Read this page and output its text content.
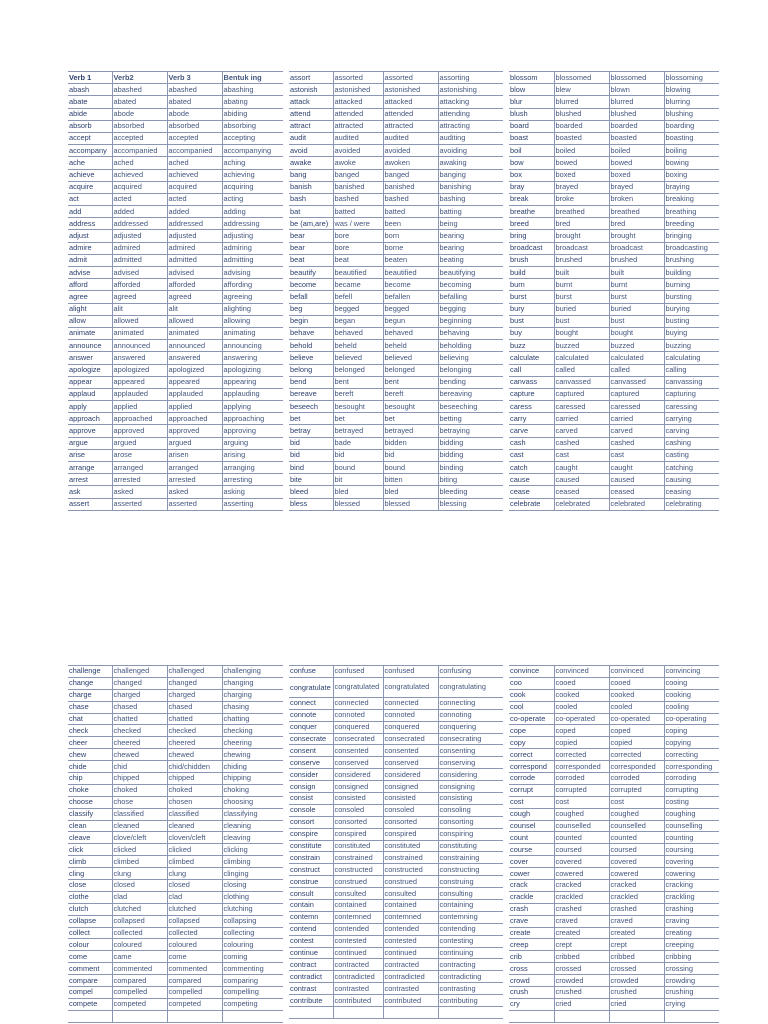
Verb 1	Verb2	Verb 3	Bentuk ing
abash	abashed	abashed	abashing
abate	abated	abated	abating
abide	abode	abode	abiding
absorb	absorbed	absorbed	absorbing
accept	accepted	accepted	accepting
accompany	accompanied	accompanied	accompanying
ache	ached	ached	aching
achieve	achieved	achieved	achieving
acquire	acquired	acquired	acquiring
act	acted	acted	acting
add	added	added	adding
address	addressed	addressed	addressing
adjust	adjusted	adjusted	adjusting
admire	admired	admired	admiring
admit	admitted	admitted	admitting
advise	advised	advised	advising
afford	afforded	afforded	affording
agree	agreed	agreed	agreeing
alight	alit	alit	alighting
allow	allowed	allowed	allowing
animate	animated	animated	animating
announce	announced	announced	announcing
answer	answered	answered	answering
apologize	apologized	apologized	apologizing
appear	appeared	appeared	appearing
applaud	applauded	applauded	applauding
apply	applied	applied	applying
approach	approached	approached	approaching
approve	approved	approved	approving
argue	argued	argued	arguing
arise	arose	arisen	arising
arrange	arranged	arranged	arranging
arrest	arrested	arrested	arresting
ask	asked	asked	asking
assert	asserted	asserted	asserting
assort	assorted	assorted	assorting
astonish	astonished	astonished	astonishing
attack	attacked	attacked	attacking
attend	attended	attended	attending
attract	attracted	attracted	attracting
audit	audited	audited	auditing
avoid	avoided	avoided	avoiding
awake	awoke	awoken	awaking
bang	banged	banged	banging
banish	banished	banished	banishing
bash	bashed	bashed	bashing
bat	batted	batted	batting
be (am,are)	was / were	been	being
bear	bore	born	bearing
bear	bore	borne	bearing
beat	beat	beaten	beating
beautify	beautified	beautified	beautifying
become	became	become	becoming
befall	befell	befallen	befalling
beg	begged	begged	begging
begin	began	begun	beginning
behave	behaved	behaved	behaving
behold	beheld	beheld	beholding
believe	believed	believed	believing
belong	belonged	belonged	belonging
bend	bent	bent	bending
bereave	bereft	bereft	bereaving
beseech	besought	besought	beseeching
bet	bet	bet	betting
betray	betrayed	betrayed	betraying
bid	bade	bidden	bidding
bid	bid	bid	bidding
bind	bound	bound	binding
bite	bit	bitten	biting
bleed	bled	bled	bleeding
bless	blessed	blessed	blessing
blossom	blossomed	blossomed	blossoming
blow	blew	blown	blowing
blur	blurred	blurred	blurring
blush	blushed	blushed	blushing
board	boarded	boarded	boarding
boast	boasted	boasted	boasting
boil	boiled	boiled	boiling
bow	bowed	bowed	bowing
box	boxed	boxed	boxing
bray	brayed	brayed	braying
break	broke	broken	breaking
breathe	breathed	breathed	breathing
breed	bred	bred	breeding
bring	brought	brought	bringing
broadcast	broadcast	broadcast	broadcasting
brush	brushed	brushed	brushing
build	built	built	building
burn	burnt	burnt	burning
burst	burst	burst	bursting
bury	buried	buried	burying
bust	bust	bust	busting
buy	bought	bought	buying
buzz	buzzed	buzzed	buzzing
calculate	calculated	calculated	calculating
call	called	called	calling
canvass	canvassed	canvassed	canvassing
capture	captured	captured	capturing
caress	caressed	caressed	caressing
carry	carried	carried	carrying
carve	carved	carved	carving
cash	cashed	cashed	cashing
cast	cast	cast	casting
catch	caught	caught	catching
cause	caused	caused	causing
cease	ceased	ceased	ceasing
celebrate	celebrated	celebrated	celebrating
challenge	challenged	challenged	challenging
change	changed	changed	changing
charge	charged	charged	charging
chase	chased	chased	chasing
chat	chatted	chatted	chatting
check	checked	checked	checking
cheer	cheered	cheered	cheering
chew	chewed	chewed	chewing
chide	chid	chid/chidden	chiding
chip	chipped	chipped	chipping
choke	choked	choked	choking
choose	chose	chosen	choosing
classify	classified	classified	classifying
clean	cleaned	cleaned	cleaning
cleave	clove/cleft	cloven/cleft	cleaving
click	clicked	clicked	clicking
climb	climbed	climbed	climbing
cling	clung	clung	clinging
close	closed	closed	closing
clothe	clad	clad	clothing
clutch	clutched	clutched	clutching
collapse	collapsed	collapsed	collapsing
collect	collected	collected	collecting
colour	coloured	coloured	colouring
come	came	come	coming
comment	commented	commented	commenting
compare	compared	compared	comparing
compel	compelled	compelled	compelling
compete	competed	competed	competing

confuse	confused	confused	confusing
congratulate	congratulated	congratulated	congratulating
connect	connected	connected	connecting
connote	connoted	connoted	connoting
conquer	conquered	conquered	conquering
consecrate	consecrated	consecrated	consecrating
consent	consented	consented	consenting
conserve	conserved	conserved	conserving
consider	considered	considered	considering
consign	consigned	consigned	consigning
consist	consisted	consisted	consisting
console	consoled	consoled	consoling
consort	consorted	consorted	consorting
conspire	conspired	conspired	conspiring
constitute	constituted	constituted	constituting
constrain	constrained	constrained	constraining
construct	constructed	constructed	constructing
construe	construed	construed	construing
consult	consulted	consulted	consulting
contain	contained	contained	containing
contemn	contemned	contemned	contemning
contend	contended	contended	contending
contest	contested	contested	contesting
continue	continued	continued	continuing
contract	contracted	contracted	contracting
contradict	contradicted	contradicted	contradicting
contrast	contrasted	contrasted	contrasting
contribute	contributed	contributed	contributing

convince	convinced	convinced	convincing
coo	cooed	cooed	cooing
cook	cooked	cooked	cooking
cool	cooled	cooled	cooling
co-operate	co-operated	co-operated	co-operating
cope	coped	coped	coping
copy	copied	copied	copying
correct	corrected	corrected	correcting
correspond	corresponded	corresponded	corresponding
corrode	corroded	corroded	corroding
corrupt	corrupted	corrupted	corrupting
cost	cost	cost	costing
cough	coughed	coughed	coughing
counsel	counselled	counselled	counselling
count	counted	counted	counting
course	coursed	coursed	coursing
cover	covered	covered	covering
cower	cowered	cowered	cowering
crack	cracked	cracked	cracking
crackle	crackled	crackled	crackling
crash	crashed	crashed	crashing
crave	craved	craved	craving
create	created	created	creating
creep	crept	crept	creeping
crib	cribbed	cribbed	cribbing
cross	crossed	crossed	crossing
crowd	crowded	crowded	crowding
crush	crushed	crushed	crushing
cry	cried	cried	crying
